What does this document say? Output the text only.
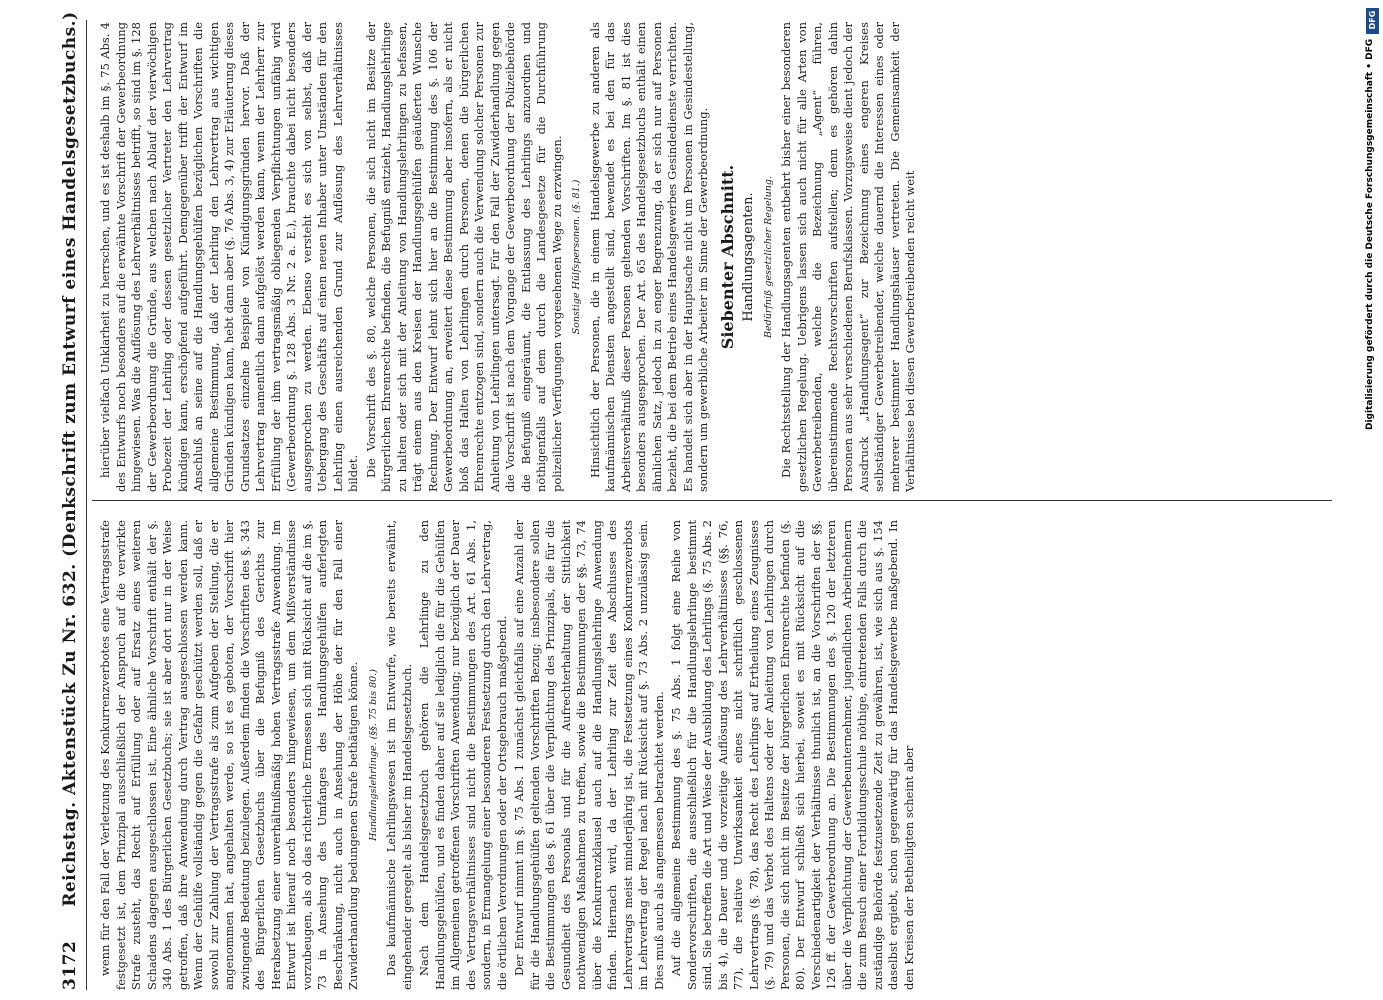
3172 Reichstag. Aktenstück Zu Nr. 632. (Denkschrift zum Entwurf eines Handelsgesetzbuchs.) wenn für den Fall der Verletzung des Konkurrenzverbotes eine Vertragsstrafe festgesetzt ist, dem Prinzipal ausschließlich der Anspruch auf die verwirkte Strafe zusteht, das Recht auf Erfüllung oder auf Ersatz eines weiteren Schadens dagegen ausgeschlossen ist. Eine ähnliche Vorschrift enthält der §. 340 Abs. 1 des Bürgerlichen Gesetzbuchs; sie ist aber dort nur in der Weise getroffen, daß ihre Anwendung durch Vertrag ausgeschlossen werden kann. Wenn der Gehülfe vollständig gegen die Gefahr geschützt werden soll, daß er sowohl zur Zahlung der Vertragsstrafe als zum Aufgeben der Stellung, die er angenommen hat, angehalten werde, so ist es geboten, der Vorschrift hier zwingende Bedeutung beizulegen. Außerdem finden die Vorschriften des §. 343 des Bürgerlichen Gesetzbuchs über die Befugniß des Gerichts zur Herabsetzung einer unverhältnißmäßig hohen Vertragsstrafe Anwendung. Im Entwurf ist hierauf noch besonders hingewiesen, um dem Mißverständnisse vorzubeugen, als ob das richterliche Ermessen sich mit Rücksicht auf die im §. 73 in Ansehung des Umfanges des Handlungsgehülfen auferlegten Beschränkung, nicht auch in Ansehung der Höhe der für den Fall einer Zuwiderhandlung bedungenen Strafe bethätigen könne. Handlungslehrlinge. (§§. 75 bis 80.) Das kaufmännische Lehrlingswesen ist im Entwurfe, wie bereits erwähnt, eingehender geregelt als bisher im Handelsgesetzbuch. Nach dem Handelsgesetzbuch gehören die Lehrlinge zu den Handlungsgehülfen, und es finden daher auf sie lediglich die für die Gehülfen im Allgemeinen getroffenen Vorschriften Anwendung; nur bezüglich der Dauer des Vertragsverhältnisses sind nicht die Bestimmungen des Art. 61 Abs. 1, sondern, in Ermangelung einer besonderen Festsetzung durch den Lehrvertrag, die örtlichen Verordnungen oder der Ortsgebrauch maßgebend. Der Entwurf nimmt im §. 75 Abs. 1 zunächst gleichfalls auf eine Anzahl der für die Handlungsgehülfen geltenden Vorschriften Bezug; insbesondere sollen die Bestimmungen des §. 61 über die Verpflichtung des Prinzipals, die für die Gesundheit des Personals und für die Aufrechterhaltung der Sittlichkeit nothwendigen Maßnahmen zu treffen, sowie die Bestimmungen der §§. 73, 74 über die Konkurrenzklausel auch auf die Handlungslehrlinge Anwendung finden. Hiernach wird, da der Lehrling zur Zeit des Abschlusses des Lehrvertrags meist minderjährig ist, die Festsetzung eines Konkurrenzverbots im Lehrvertrag der Regel nach mit Rücksicht auf §. 73 Abs. 2 unzulässig sein. Dies muß auch als angemessen betrachtet werden. Auf die allgemeine Bestimmung des §. 75 Abs. 1 folgt eine Reihe von Sondervorschriften, die ausschließlich für die Handlungslehrlinge bestimmt sind. Sie betreffen die Art und Weise der Ausbildung des Lehrlings (§. 75 Abs. 2 bis 4), die Dauer und die vorzeitige Auflösung des Lehrverhältnisses (§§. 76, 77), die relative Unwirksamkeit eines nicht schriftlich geschlossenen Lehrvertrags (§. 78), das Recht des Lehrlings auf Ertheilung eines Zeugnisses (§. 79) und das Verbot des Haltens oder der Anleitung von Lehrlingen durch Personen, die sich nicht im Besitze der bürgerlichen Ehrenrechte befinden (§. 80). Der Entwurf schließt sich hierbei, soweit es mit Rücksicht auf die Verschiedenartigkeit der Verhältnisse thunlich ist, an die Vorschriften der §§. 126 ff. der Gewerbeordnung an. Die Bestimmungen des §. 120 der letzteren über die Verpflichtung der Gewerbeunternehmer, jugendlichen Arbeitnehmern die zum Besuch einer Fortbildungsschule nöthige, eintretenden Falls durch die zuständige Behörde festzusetzende Zeit zu gewähren, ist, wie sich aus §. 154 daselbst ergiebt, schon gegenwärtig für das Handelsgewerbe maßgebend. In den Kreisen der Betheiligten scheint aber

hierüber vielfach Unklarheit zu herrschen, und es ist deshalb im §. 75 Abs. 4 des Entwurfs noch besonders auf die erwähnte Vorschrift der Gewerbeordnung hingewiesen. Was die Auflösung des Lehrverhältnisses betrifft, so sind im §. 128 der Gewerbeordnung die Gründe, aus welchen nach Ablauf der vierwöchigen Probezeit der Lehrling oder dessen gesetzlicher Vertreter den Lehrvertrag kündigen kann, erschöpfend aufgeführt. Demgegenüber trifft der Entwurf im Anschluß an seine auf die Handlungsgehülfen bezüglichen Vorschriften die allgemeine Bestimmung, daß der Lehrling den Lehrvertrag aus wichtigen Gründen kündigen kann, hebt dann aber (§. 76 Abs. 3, 4) zur Erläuterung dieses Grundsatzes einzelne Beispiele von Kündigungsgründen hervor. Daß der Lehrvertrag namentlich dann aufgelöst werden kann, wenn der Lehrherr zur Erfüllung der ihm vertragsmäßig obliegenden Verpflichtungen unfähig wird (Gewerbeordnung §. 128 Abs. 3 Nr. 2 a. E.), brauchte dabei nicht besonders ausgesprochen zu werden. Ebenso versteht es sich von selbst, daß der Uebergang des Geschäfts auf einen neuen Inhaber unter Umständen für den Lehrling einen ausreichenden Grund zur Auflösung des Lehrverhältnisses bildet. Die Vorschrift des §. 80, welche Personen, die sich nicht im Besitze der bürgerlichen Ehrenrechte befinden, die Befugniß entzieht, Handlungslehrlinge zu halten oder sich mit der Anleitung von Handlungslehrlingen zu befassen, trägt einem aus den Kreisen der Handlungsgehülfen geäußerten Wunsche Rechnung. Der Entwurf lehnt sich hier an die Bestimmung des §. 106 der Gewerbeordnung an, erweitert diese Bestimmung aber insofern, als er nicht bloß das Halten von Lehrlingen durch Personen, denen die bürgerlichen Ehrenrechte entzogen sind, sondern auch die Verwendung solcher Personen zur Anleitung von Lehrlingen untersagt. Für den Fall der Zuwiderhandlung gegen die Vorschrift ist nach dem Vorgange der Gewerbeordnung der Polizeibehörde die Befugniß eingeräumt, die Entlassung des Lehrlings anzuordnen und nöthigenfalls auf dem durch die Landesgesetze für die Durchführung polizeilicher Verfügungen vorgesehenen Wege zu erzwingen. Sonstige Hülfspersonen. (§. 81.) Hinsichtlich der Personen, die in einem Handelsgewerbe zu anderen als kaufmännischen Diensten angestellt sind, bewendet es bei den für das Arbeitsverhältniß dieser Personen geltenden Vorschriften. Im §. 81 ist dies besonders ausgesprochen. Der Art. 65 des Handelsgesetzbuchs enthält einen ähnlichen Satz, jedoch in zu enger Begrenzung, da er sich nur auf Personen bezieht, die bei dem Betrieb eines Handelsgewerbes Gesindedienste verrichten. Es handelt sich aber in der Hauptsache nicht um Personen in Gesindestellung, sondern um gewerbliche Arbeiter im Sinne der Gewerbeordnung. Siebenter Abschnitt. Handlungsagenten. Bedürfniß gesetzlicher Regelung. Die Rechtsstellung der Handlungsagenten entbehrt bisher einer besonderen gesetzlichen Regelung. Uebrigens lassen sich auch nicht für alle Arten von Gewerbetreibenden, welche die Bezeichnung „Agent“ führen, übereinstimmende Rechtsvorschriften aufstellen; denn es gehören dahin Personen aus sehr verschiedenen Berufsklassen. Vorzugsweise dient jedoch der Ausdruck „Handlungsagent“ zur Bezeichnung eines engeren Kreises selbständiger Gewerbetreibender, welche dauernd die Interessen eines oder mehrerer bestimmter Handlungshäuser vertreten. Die Gemeinsamkeit der Verhältnisse bei diesen Gewerbetreibenden reicht weit

DFG
Digitalisierung gefördert durch die Deutsche Forschungsgemeinschaft • DFG
